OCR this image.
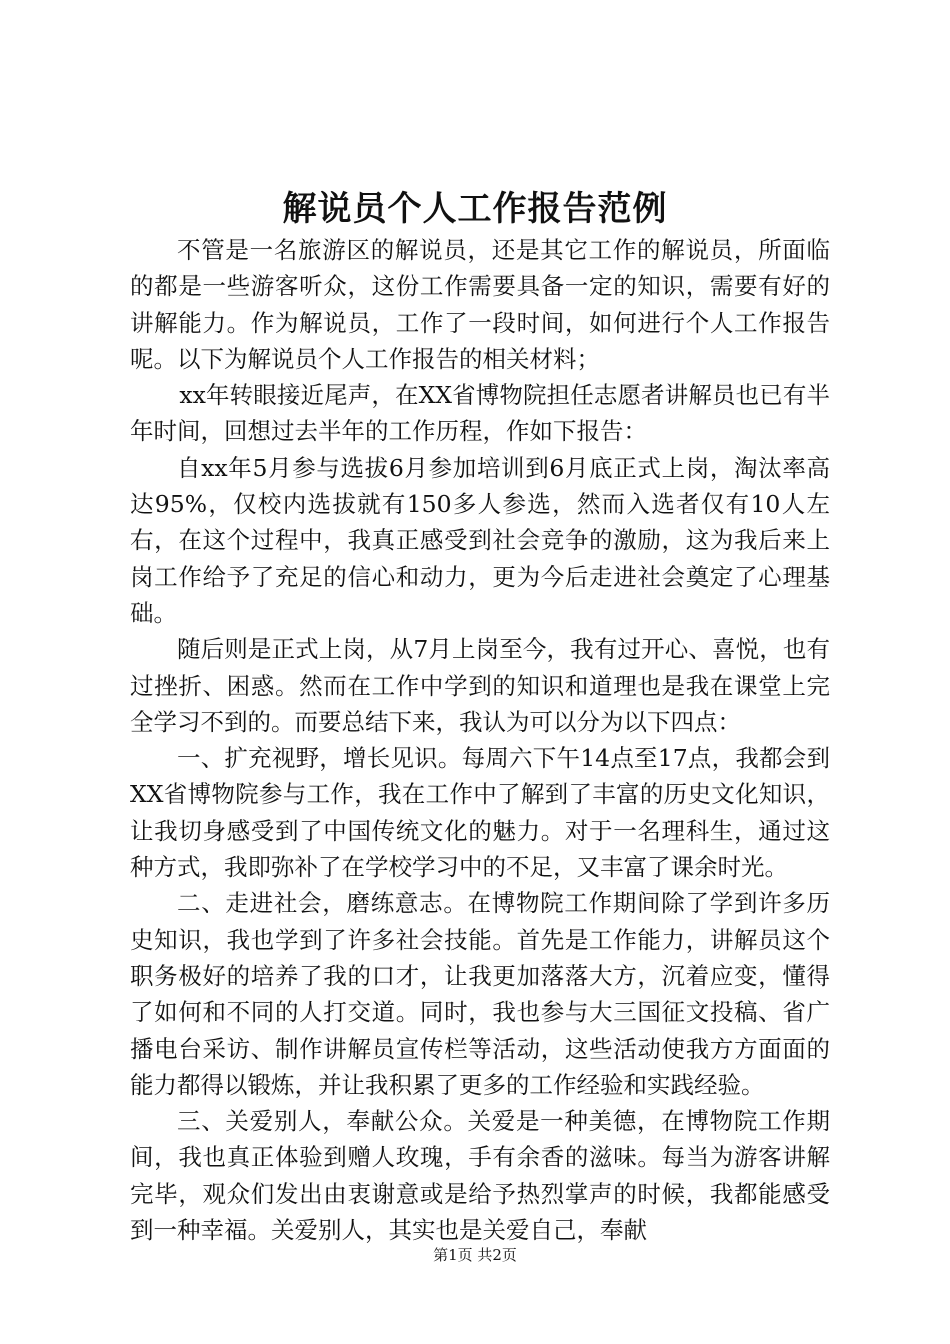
解说员个人工作报告范例

不管是一名旅游区的解说员，还是其它工作的解说员，所面临的都是一些游客听众，这份工作需要具备一定的知识，需要有好的讲解能力。作为解说员，工作了一段时间，如何进行个人工作报告呢。以下为解说员个人工作报告的相关材料；

xx年转眼接近尾声，在XX省博物院担任志愿者讲解员也已有半年时间，回想过去半年的工作历程，作如下报告：

自xx年5月参与选拔6月参加培训到6月底正式上岗，淘汰率高达95%，仅校内选拔就有150多人参选，然而入选者仅有10人左右，在这个过程中，我真正感受到社会竞争的激励，这为我后来上岗工作给予了充足的信心和动力，更为今后走进社会奠定了心理基础。

随后则是正式上岗，从7月上岗至今，我有过开心、喜悦，也有过挫折、困惑。然而在工作中学到的知识和道理也是我在课堂上完全学习不到的。而要总结下来，我认为可以分为以下四点：

一、扩充视野，增长见识。每周六下午14点至17点，我都会到XX省博物院参与工作，我在工作中了解到了丰富的历史文化知识，让我切身感受到了中国传统文化的魅力。对于一名理科生，通过这种方式，我即弥补了在学校学习中的不足，又丰富了课余时光。

二、走进社会，磨练意志。在博物院工作期间除了学到许多历史知识，我也学到了许多社会技能。首先是工作能力，讲解员这个职务极好的培养了我的口才，让我更加落落大方，沉着应变，懂得了如何和不同的人打交道。同时，我也参与大三国征文投稿、省广播电台采访、制作讲解员宣传栏等活动，这些活动使我方方面面的能力都得以锻炼，并让我积累了更多的工作经验和实践经验。

三、关爱别人，奉献公众。关爱是一种美德，在博物院工作期间，我也真正体验到赠人玫瑰，手有余香的滋味。每当为游客讲解完毕，观众们发出由衷谢意或是给予热烈掌声的时候，我都能感受到一种幸福。关爱别人，其实也是关爱自己，奉献

第1页 共2页
